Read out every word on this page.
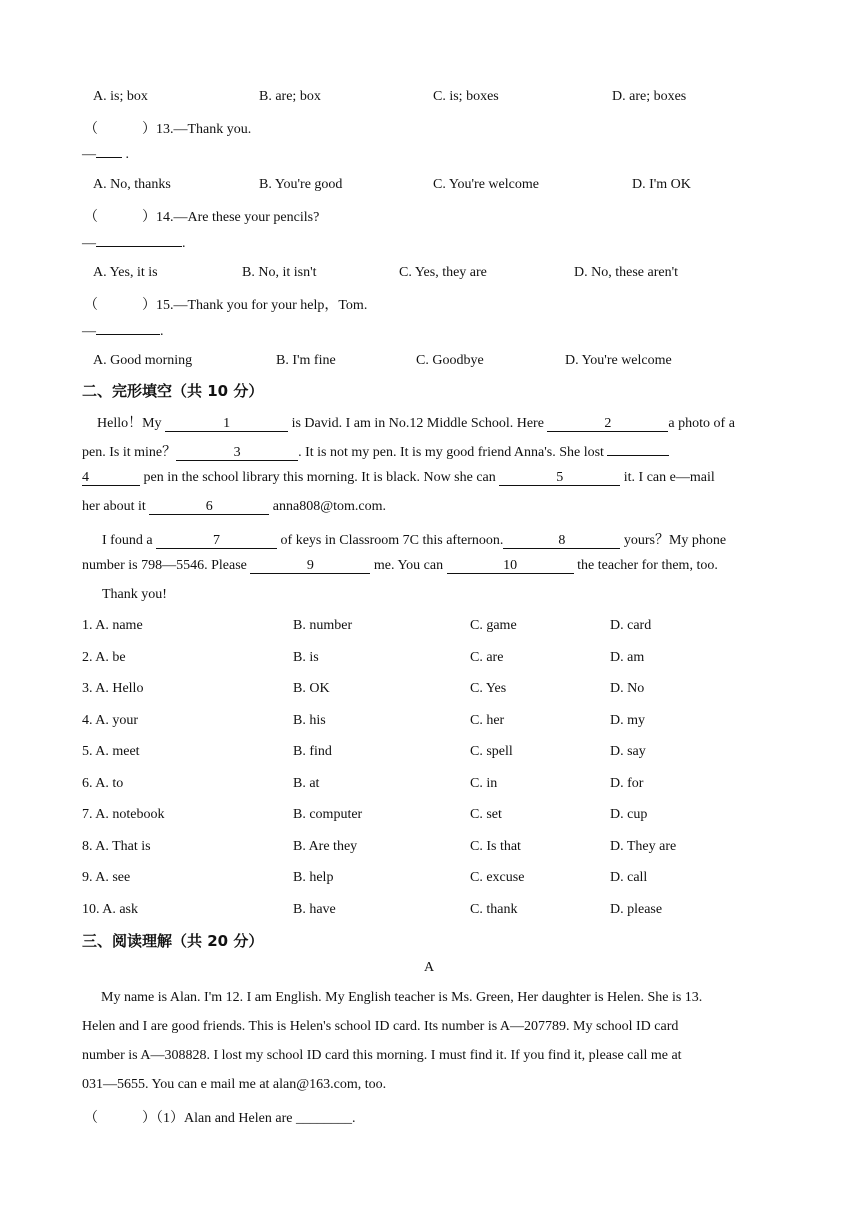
A. is; box	B. are; box	C. is; boxes	D. are; boxes
（	）13.—Thank you.
— .
A. No, thanks	B. You're good	C. You're welcome	D. I'm OK
（	）14.—Are these your pencils?
—	.
A. Yes, it is	B. No, it isn't	C. Yes, they are	D. No, these aren't
（	）15.—Thank you for your help，Tom.
—	.
A. Good morning	B. I'm fine	C. Goodbye	D. You're welcome
二、完形填空（共 10 分）
Hello！My	1	is David. I am in No.12 Middle School. Here	2	a photo of a
pen. Is it mine？	3	. It is not my pen. It is my good friend Anna's. She lost
4	pen in the school library this morning. It is black. Now she can	5	it. I can e—mail
her about it	6	anna808@tom.com.
I found a	7	of keys in Classroom 7C this afternoon.	8	yours？My phone
number is 798—5546. Please	9	me. You can	10	the teacher for them, too.
Thank you!
1. A. name	B. number	C. game	D. card
2. A. be	B. is	C. are	D. am
3. A. Hello	B. OK	C. Yes	D. No
4. A. your	B. his	C. her	D. my
5. A. meet	B. find	C. spell	D. say
6. A. to	B. at	C. in	D. for
7. A. notebook	B. computer	C. set	D. cup
8. A. That is	B. Are they	C. Is that	D. They are
9. A. see	B. help	C. excuse	D. call
10. A. ask	B. have	C. thank	D. please
三、阅读理解（共 20 分）
A
My name is Alan. I'm 12. I am English. My English teacher is Ms. Green, Her daughter is Helen. She is 13.
Helen and I are good friends. This is Helen's school ID card. Its number is A—207789. My school ID card
number is A—308828. I lost my school ID card this morning. I must find it. If you find it, please call me at
031—5655. You can e mail me at alan@163.com, too.
（	）（1）Alan and Helen are ________.
